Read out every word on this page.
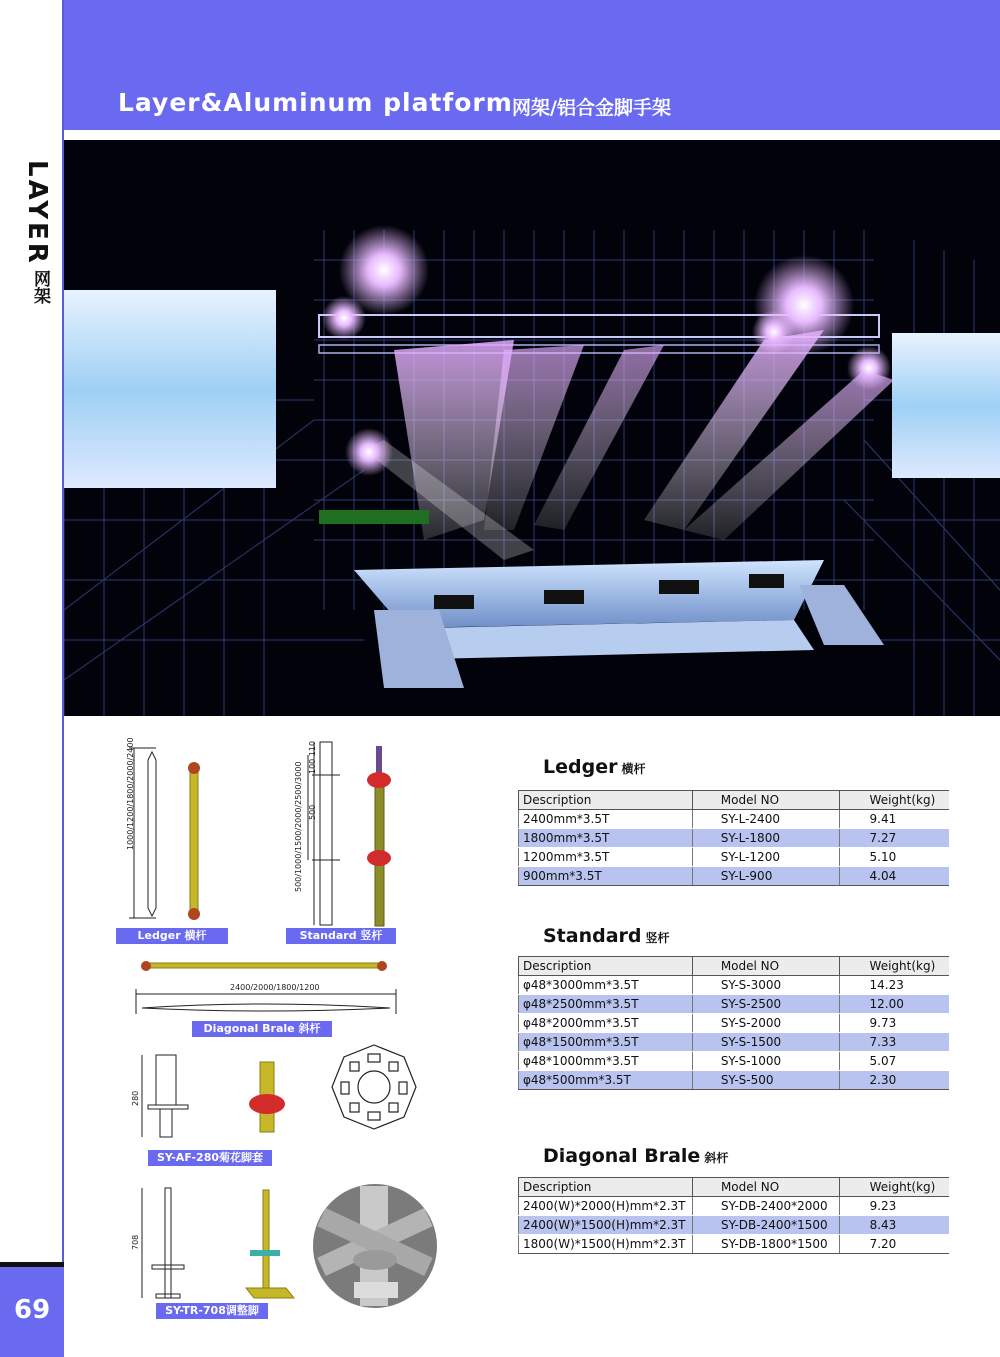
LAYER
网架
69
Layer&Aluminum platform 网架/铝合金脚手架
1000/1200/1800/2000/2400	500/1000/1500/2000/2500/3000 500
100 110
2400/2000/1800/1200
280
708
Ledger 横杆	Standard 竖杆
Diagonal Brale 斜杆
SY-AF-280菊花脚套
SY-TR-708调整脚
Ledger 横杆
Description	Model NO	Weight(kg)
2400mm*3.5T	SY-L-2400	9.41
1800mm*3.5T	SY-L-1800	7.27
1200mm*3.5T	SY-L-1200	5.10
900mm*3.5T	SY-L-900	4.04
Standard 竖杆
Description	Model NO	Weight(kg)
φ48*3000mm*3.5T	SY-S-3000	14.23
φ48*2500mm*3.5T	SY-S-2500	12.00
φ48*2000mm*3.5T	SY-S-2000	9.73
φ48*1500mm*3.5T	SY-S-1500	7.33
φ48*1000mm*3.5T	SY-S-1000	5.07
φ48*500mm*3.5T	SY-S-500	2.30
Diagonal Brale 斜杆
Description	Model NO	Weight(kg)
2400(W)*2000(H)mm*2.3T	SY-DB-2400*2000	9.23
2400(W)*1500(H)mm*2.3T	SY-DB-2400*1500	8.43
1800(W)*1500(H)mm*2.3T	SY-DB-1800*1500	7.20
